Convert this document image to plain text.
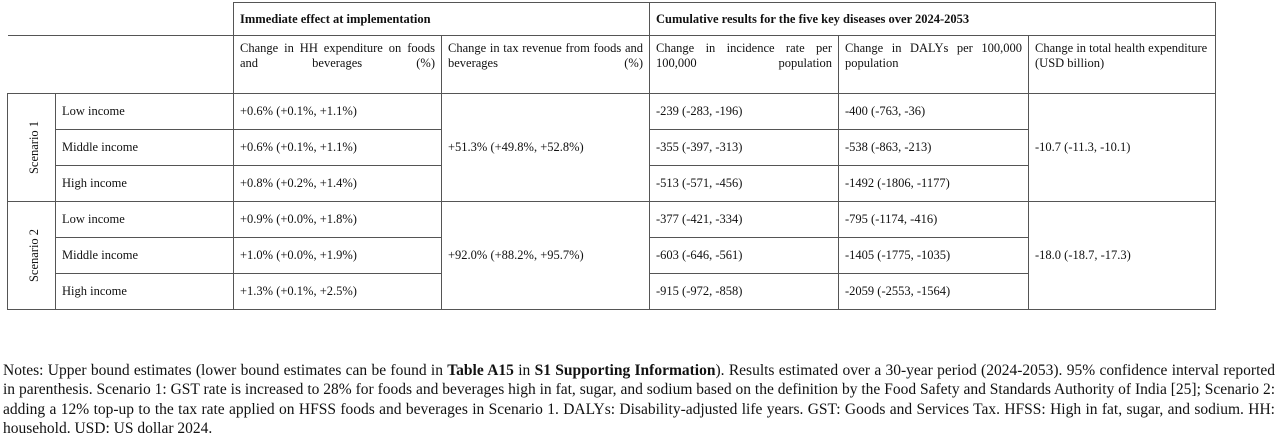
		Immediate effect at implementation		Cumulative results for the five key diseases over 2024-2053		
		Change in HH expenditure on foods and beverages (%)	Change in tax revenue from foods and beverages (%)	Change in incidence rate per 100,000 population	Change in DALYs per 100,000 population	Change in total health expenditure (USD billion)
Scenario 1	Low income	+0.6% (+0.1%, +1.1%)	+51.3% (+49.8%, +52.8%)	-239 (-283, -196)	-400 (-763, -36)	-10.7 (-11.3, -10.1)
	Middle income	+0.6% (+0.1%, +1.1%)		-355 (-397, -313)	-538 (-863, -213)	
	High income	+0.8% (+0.2%, +1.4%)		-513 (-571, -456)	-1492 (-1806, -1177)	
Scenario 2	Low income	+0.9% (+0.0%, +1.8%)	+92.0% (+88.2%, +95.7%)	-377 (-421, -334)	-795 (-1174, -416)	-18.0 (-18.7, -17.3)
	Middle income	+1.0% (+0.0%, +1.9%)		-603 (-646, -561)	-1405 (-1775, -1035)	
	High income	+1.3% (+0.1%, +2.5%)		-915 (-972, -858)	-2059 (-2553, -1564)	

Notes: Upper bound estimates (lower bound estimates can be found in Table A15 in S1 Supporting Information). Results estimated over a 30-year period (2024-2053). 95% confidence interval reported in parenthesis. Scenario 1: GST rate is increased to 28% for foods and beverages high in fat, sugar, and sodium based on the definition by the Food Safety and Standards Authority of India [25]; Scenario 2: adding a 12% top-up to the tax rate applied on HFSS foods and beverages in Scenario 1. DALYs: Disability-adjusted life years. GST: Goods and Services Tax. HFSS: High in fat, sugar, and sodium. HH: household. USD: US dollar 2024.
